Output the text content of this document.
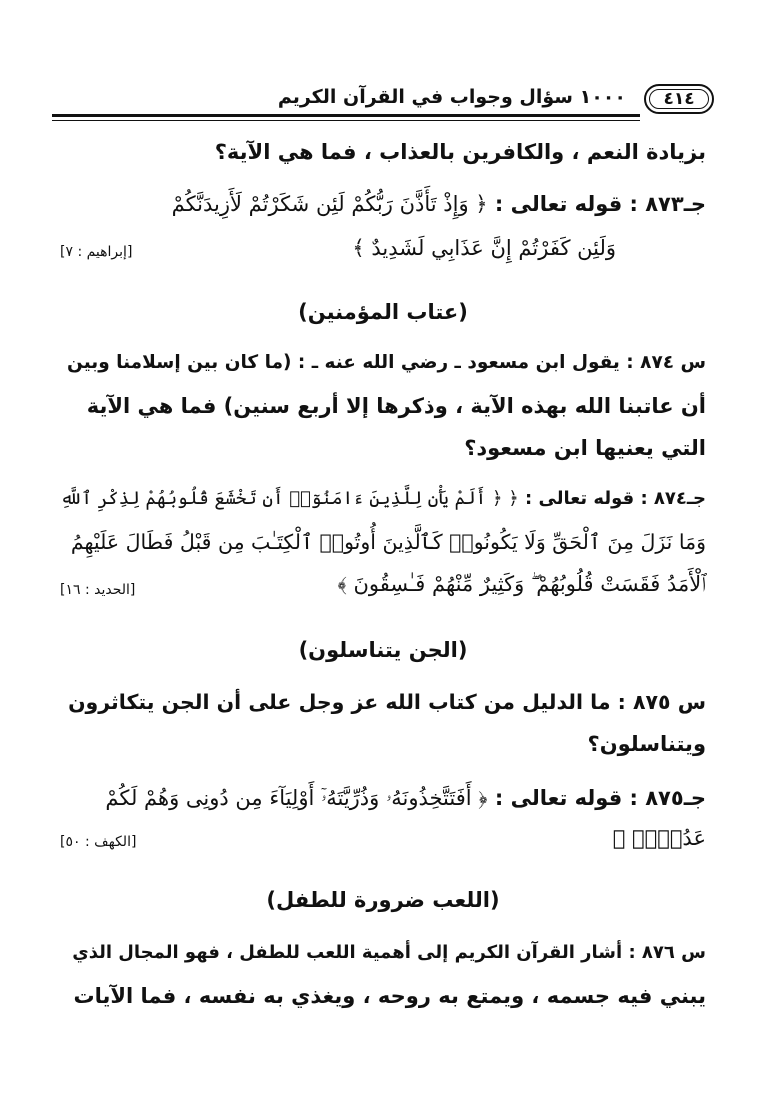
٤١٤
١٠٠٠ سؤال وجواب في القرآن الكريم
بزيادة النعم ، والكافرين بالعذاب ، فما هي الآية؟
جـ٨٧٣ : قوله تعالى : ﴿ وَإِذْ تَأَذَّنَ رَبُّكُمْ لَئِن شَكَرْتُمْ لَأَزِيدَنَّكُمْ
وَلَئِن كَفَرْتُمْ إِنَّ عَذَابِي لَشَدِيدٌ ﴾
[إبراهيم : ٧]
(عتاب المؤمنين)
س ٨٧٤ : يقول ابن مسعود ـ رضي الله عنه ـ : (ما كان بين إسلامنا وبين
أن عاتبنا الله بهذه الآية ، وذكرها إلا أربع سنين) فما هي الآية
التي يعنيها ابن مسعود؟
جـ٨٧٤ : قوله تعالى : ﴿ ﴿ أَلَمْ يَأْنِ لِلَّذِينَ ءَامَنُوٓا۟ أَن تَخْشَعَ قُلُوبُهُمْ لِذِكْرِ ٱللَّهِ
وَمَا نَزَلَ مِنَ ٱلْحَقِّ وَلَا يَكُونُوا۟ كَٱلَّذِينَ أُوتُوا۟ ٱلْكِتَـٰبَ مِن قَبْلُ فَطَالَ عَلَيْهِمُ
ٱلْأَمَدُ فَقَسَتْ قُلُوبُهُمْ ۖ وَكَثِيرٌ مِّنْهُمْ فَـٰسِقُونَ ﴾
[الحديد : ١٦]
(الجن يتناسلون)
س ٨٧٥ : ما الدليل من كتاب الله عز وجل على أن الجن يتكاثرون
ويتناسلون؟
جـ٨٧٥ : قوله تعالى : ﴿ أَفَتَتَّخِذُونَهُۥ وَذُرِّيَّتَهُۥٓ أَوْلِيَآءَ مِن دُونِى وَهُمْ لَكُمْ
عَدُوٌّۢ ﴾
[الكهف : ٥٠]
(اللعب ضرورة للطفل)
س ٨٧٦ : أشار القرآن الكريم إلى أهمية اللعب للطفل ، فهو المجال الذي
يبني فيه جسمه ، ويمتع به روحه ، ويغذي به نفسه ، فما الآيات
